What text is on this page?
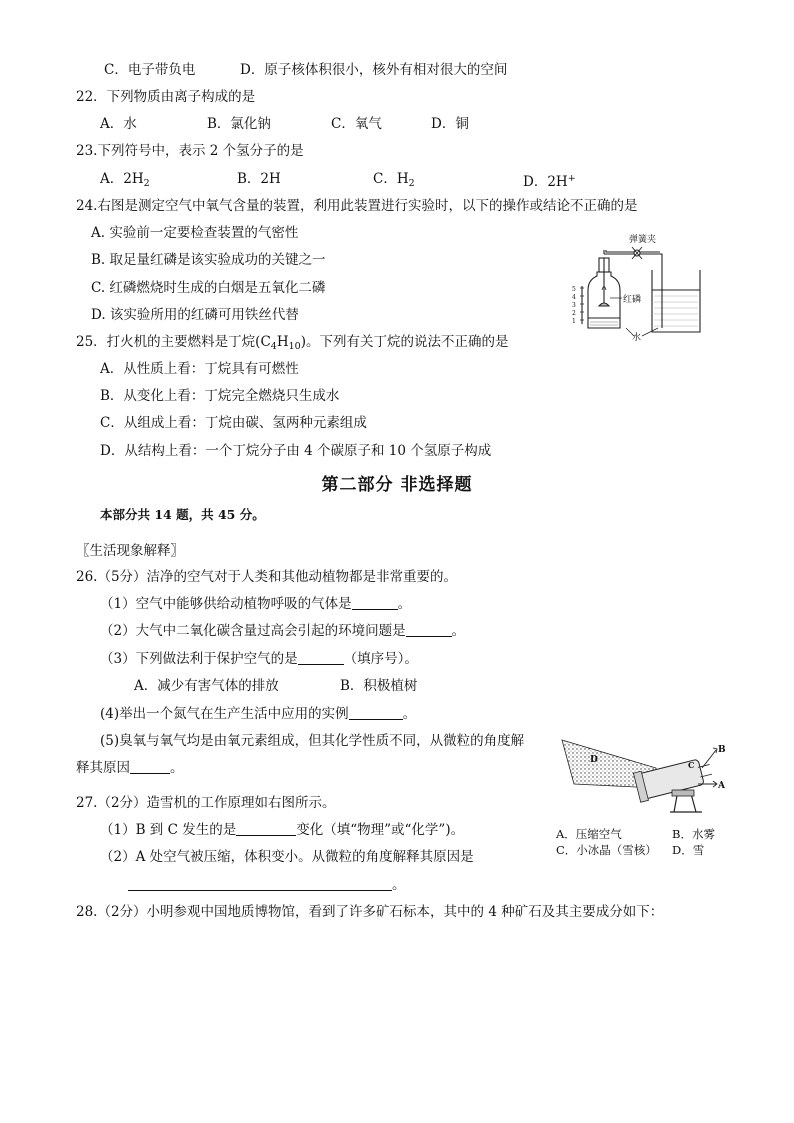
C．电子带负电	D．原子核体积很小，核外有相对很大的空间
22．下列物质由离子构成的是
A．水	B．氯化钠	C．氧气	D．铜
23.下列符号中，表示 2 个氢分子的是
A．$2H_2$	B．2H	C．$H_2$	D．2H+
24.右图是测定空气中氧气含量的装置，利用此装置进行实验时，以下的操作或结论不正确的是
A. 实验前一定要检查装置的气密性
B. 取足量红磷是该实验成功的关键之一
C. 红磷燃烧时生成的白烟是五氧化二磷
D. 该实验所用的红磷可用铁丝代替
弹簧夹
红磷
水
5
4
3
2
1
25．打火机的主要燃料是丁烷$(C_4H_{10})$。下列有关丁烷的说法不正确的是
A．从性质上看：丁烷具有可燃性
B．从变化上看：丁烷完全燃烧只生成水
C．从组成上看：丁烷由碳、氢两种元素组成
D．从结构上看：一个丁烷分子由 4 个碳原子和 10 个氢原子构成
第二部分 非选择题
本部分共 14 题，共 45 分。
〖生活现象解释〗
26.（5分）洁净的空气对于人类和其他动植物都是非常重要的。
（1）空气中能够供给动植物呼吸的气体是	。
（2）大气中二氧化碳含量过高会引起的环境问题是	。
（3）下列做法利于保护空气的是	（填序号）。
A．减少有害气体的排放	B．积极植树
(4)举出一个氮气在生产生活中应用的实例	。
(5)臭氧与氧气均是由氧元素组成，但其化学性质不同，从微粒的角度解
释其原因	。
B
A
D	C
27.（2分）造雪机的工作原理如右图所示。
（1）B 到 C 发生的是	变化（填“物理”或“化学”)。
（2）A 处空气被压缩，体积变小。从微粒的角度解释其原因是
。
A．压缩空气	B．水雾
C．小冰晶（雪核） D．雪
28.（2分）小明参观中国地质博物馆，看到了许多矿石标本，其中的 4 种矿石及其主要成分如下：
